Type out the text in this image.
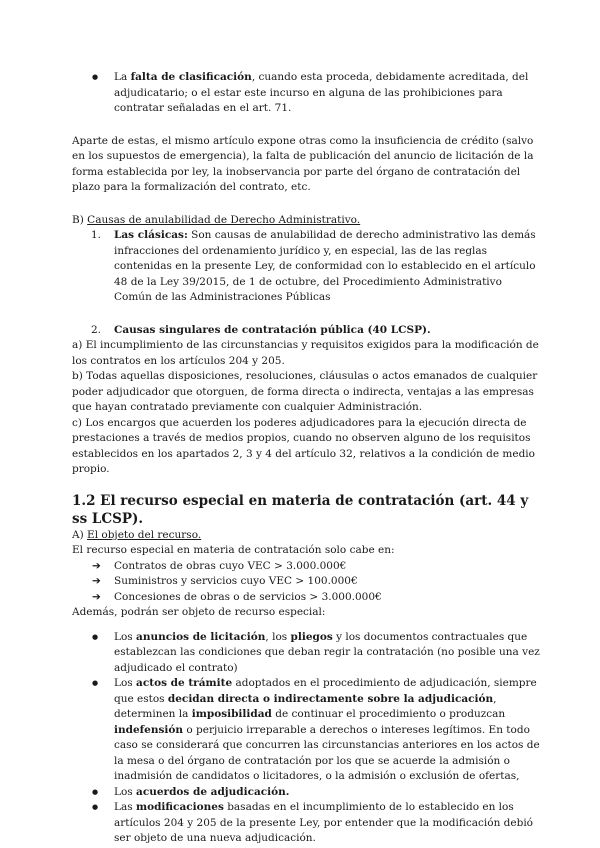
● La falta de clasificación, cuando esta proceda, debidamente acreditada, del adjudicatario; o el estar este incurso en alguna de las prohibiciones para contratar señaladas en el art. 71.

Aparte de estas, el mismo artículo expone otras como la insuficiencia de crédito (salvo en los supuestos de emergencia), la falta de publicación del anuncio de licitación de la forma establecida por ley, la inobservancia por parte del órgano de contratación del plazo para la formalización del contrato, etc.

B) Causas de anulabilidad de Derecho Administrativo.

1. Las clásicas: Son causas de anulabilidad de derecho administrativo las demás infracciones del ordenamiento jurídico y, en especial, las de las reglas contenidas en la presente Ley, de conformidad con lo establecido en el artículo 48 de la Ley 39/2015, de 1 de octubre, del Procedimiento Administrativo Común de las Administraciones Públicas
2. Causas singulares de contratación pública (40 LCSP).

a) El incumplimiento de las circunstancias y requisitos exigidos para la modificación de los contratos en los artículos 204 y 205.

b) Todas aquellas disposiciones, resoluciones, cláusulas o actos emanados de cualquier poder adjudicador que otorguen, de forma directa o indirecta, ventajas a las empresas que hayan contratado previamente con cualquier Administración.

c) Los encargos que acuerden los poderes adjudicadores para la ejecución directa de prestaciones a través de medios propios, cuando no observen alguno de los requisitos establecidos en los apartados 2, 3 y 4 del artículo 32, relativos a la condición de medio propio.

1.2 El recurso especial en materia de contratación (art. 44 y ss LCSP).

A) El objeto del recurso.

El recurso especial en materia de contratación solo cabe en:

➔ Contratos de obras cuyo VEC > 3.000.000€
➔ Suministros y servicios cuyo VEC > 100.000€
➔ Concesiones de obras o de servicios > 3.000.000€

Además, podrán ser objeto de recurso especial:

● Los anuncios de licitación, los pliegos y los documentos contractuales que establezcan las condiciones que deban regir la contratación (no posible una vez adjudicado el contrato)
● Los actos de trámite adoptados en el procedimiento de adjudicación, siempre que estos decidan directa o indirectamente sobre la adjudicación, determinen la imposibilidad de continuar el procedimiento o produzcan indefensión o perjuicio irreparable a derechos o intereses legítimos. En todo caso se considerará que concurren las circunstancias anteriores en los actos de la mesa o del órgano de contratación por los que se acuerde la admisión o inadmisión de candidatos o licitadores, o la admisión o exclusión de ofertas,
● Los acuerdos de adjudicación.
● Las modificaciones basadas en el incumplimiento de lo establecido en los artículos 204 y 205 de la presente Ley, por entender que la modificación debió ser objeto de una nueva adjudicación.
